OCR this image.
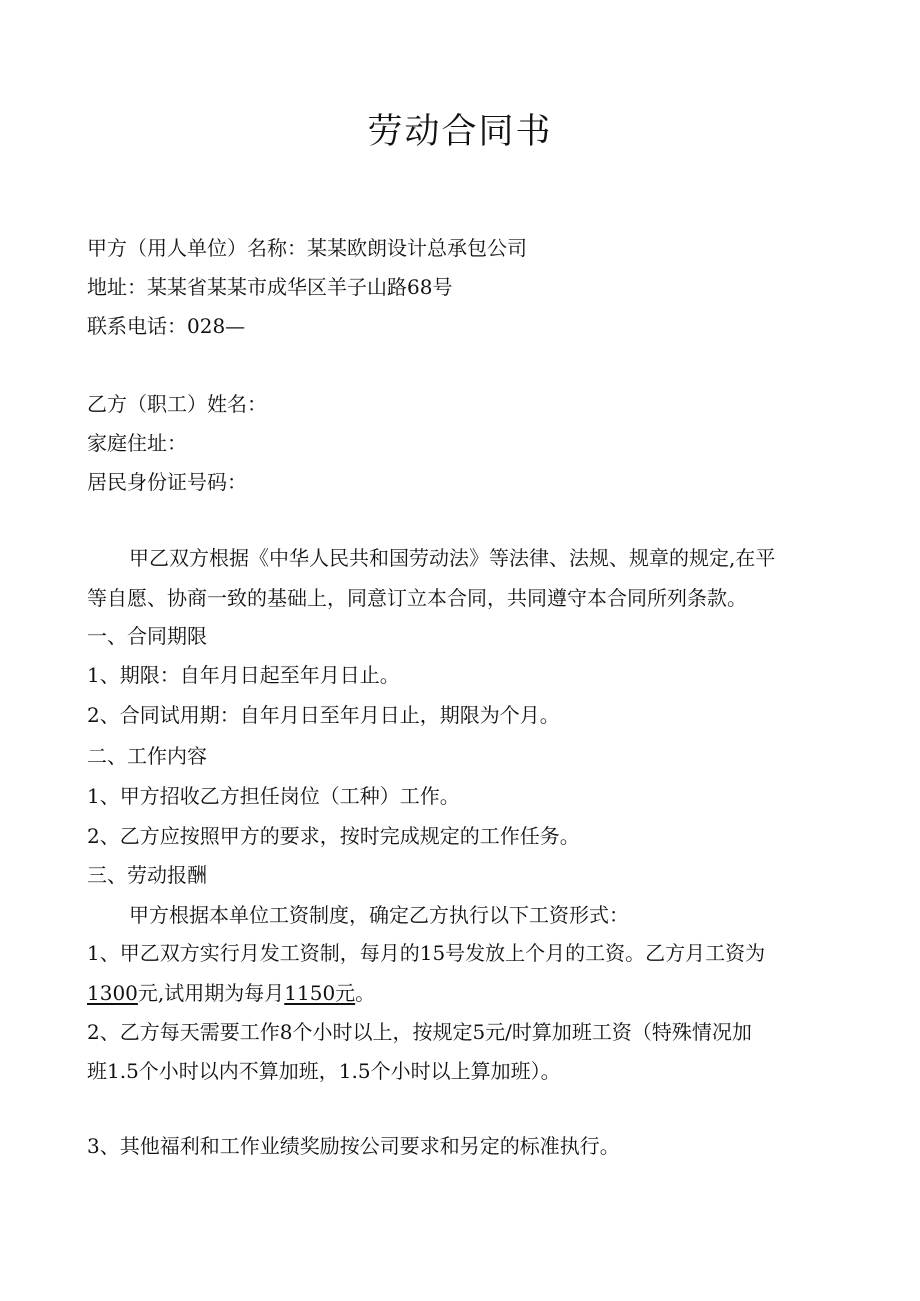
劳动合同书
甲方（用人单位）名称：某某欧朗设计总承包公司
地址：某某省某某市成华区羊子山路68号
联系电话：028—
乙方（职工）姓名：
家庭住址：
居民身份证号码：
甲乙双方根据《中华人民共和国劳动法》等法律、法规、规章的规定,在平
等自愿、协商一致的基础上，同意订立本合同，共同遵守本合同所列条款。
一、合同期限
1、期限：自年月日起至年月日止。
2、合同试用期：自年月日至年月日止，期限为个月。
二、工作内容
1、甲方招收乙方担任岗位（工种）工作。
2、乙方应按照甲方的要求，按时完成规定的工作任务。
三、劳动报酬
甲方根据本单位工资制度，确定乙方执行以下工资形式：
1、甲乙双方实行月发工资制，每月的15号发放上个月的工资。乙方月工资为
1300元,试用期为每月1150元。
2、乙方每天需要工作8个小时以上，按规定5元/时算加班工资（特殊情况加
班1.5个小时以内不算加班，1.5个小时以上算加班）。
3、其他福利和工作业绩奖励按公司要求和另定的标准执行。
